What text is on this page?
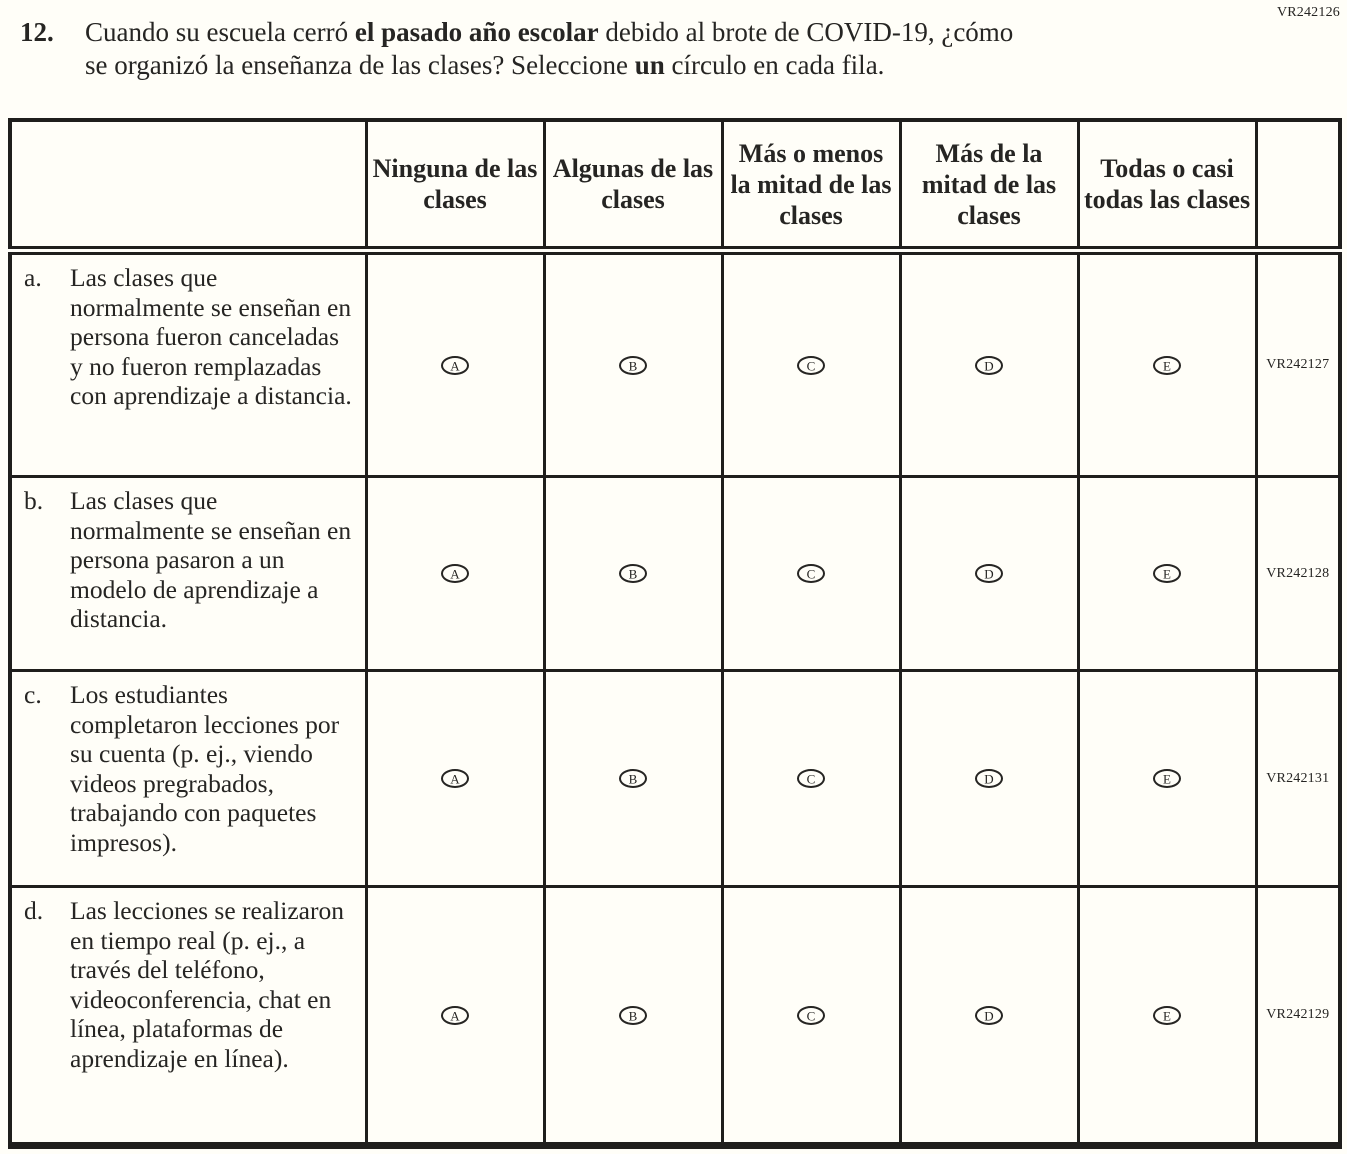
VR242126
12.	Cuando su escuela cerró el pasado año escolar debido al brote de COVID-19, ¿cómo
se organizó la enseñanza de las clases? Seleccione un círculo en cada fila.
	Ninguna de las clases	Algunas de las clases	Más o menos la mitad de las clases	Más de la mitad de las clases	Todas o casi todas las clases	

a. Las clases que normalmente se enseñan en persona fueron canceladas y no fueron remplazadas con aprendizaje a distancia.	A	B	C	D	E	VR242127

b. Las clases que normalmente se enseñan en persona pasaron a un modelo de aprendizaje a distancia.	A	B	C	D	E	VR242128

c. Los estudiantes completaron lecciones por su cuenta (p. ej., viendo videos pregrabados, trabajando con paquetes impresos).	A	B	C	D	E	VR242131

d. Las lecciones se realizaron en tiempo real (p. ej., a través del teléfono, videoconferencia, chat en línea, plataformas de aprendizaje en línea).	A	B	C	D	E	VR242129
